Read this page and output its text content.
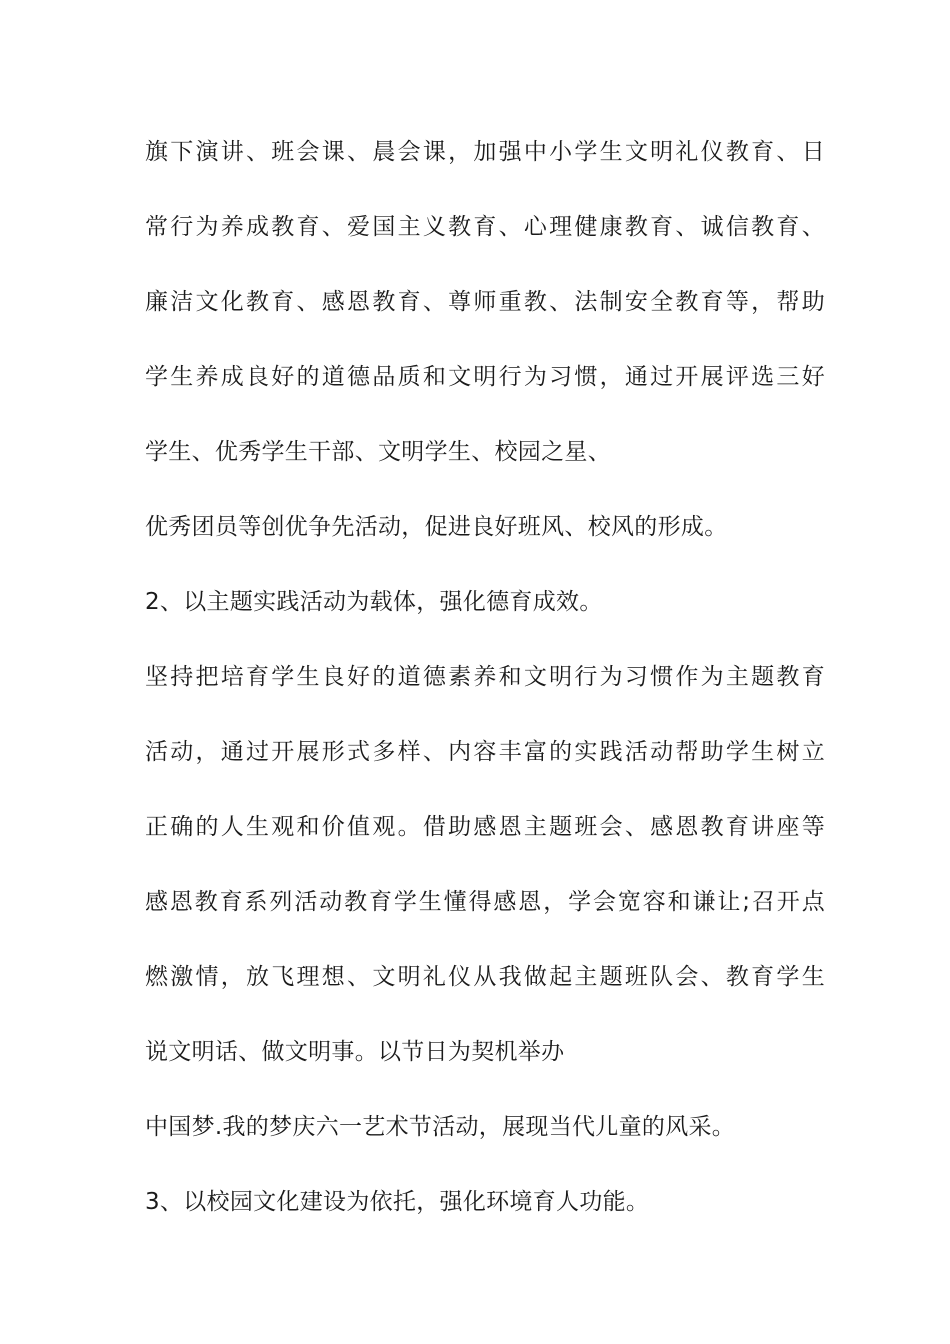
旗下演讲、班会课、晨会课，加强中小学生文明礼仪教育、日
常行为养成教育、爱国主义教育、心理健康教育、诚信教育、
廉洁文化教育、感恩教育、尊师重教、法制安全教育等，帮助
学生养成良好的道德品质和文明行为习惯，通过开展评选三好
学生、优秀学生干部、文明学生、校园之星、
优秀团员等创优争先活动，促进良好班风、校风的形成。
2、以主题实践活动为载体，强化德育成效。
坚持把培育学生良好的道德素养和文明行为习惯作为主题教育
活动，通过开展形式多样、内容丰富的实践活动帮助学生树立
正确的人生观和价值观。借助感恩主题班会、感恩教育讲座等
感恩教育系列活动教育学生懂得感恩，学会宽容和谦让;召开点
燃激情，放飞理想、文明礼仪从我做起主题班队会、教育学生
说文明话、做文明事。以节日为契机举办
中国梦.我的梦庆六一艺术节活动，展现当代儿童的风采。
3、以校园文化建设为依托，强化环境育人功能。
